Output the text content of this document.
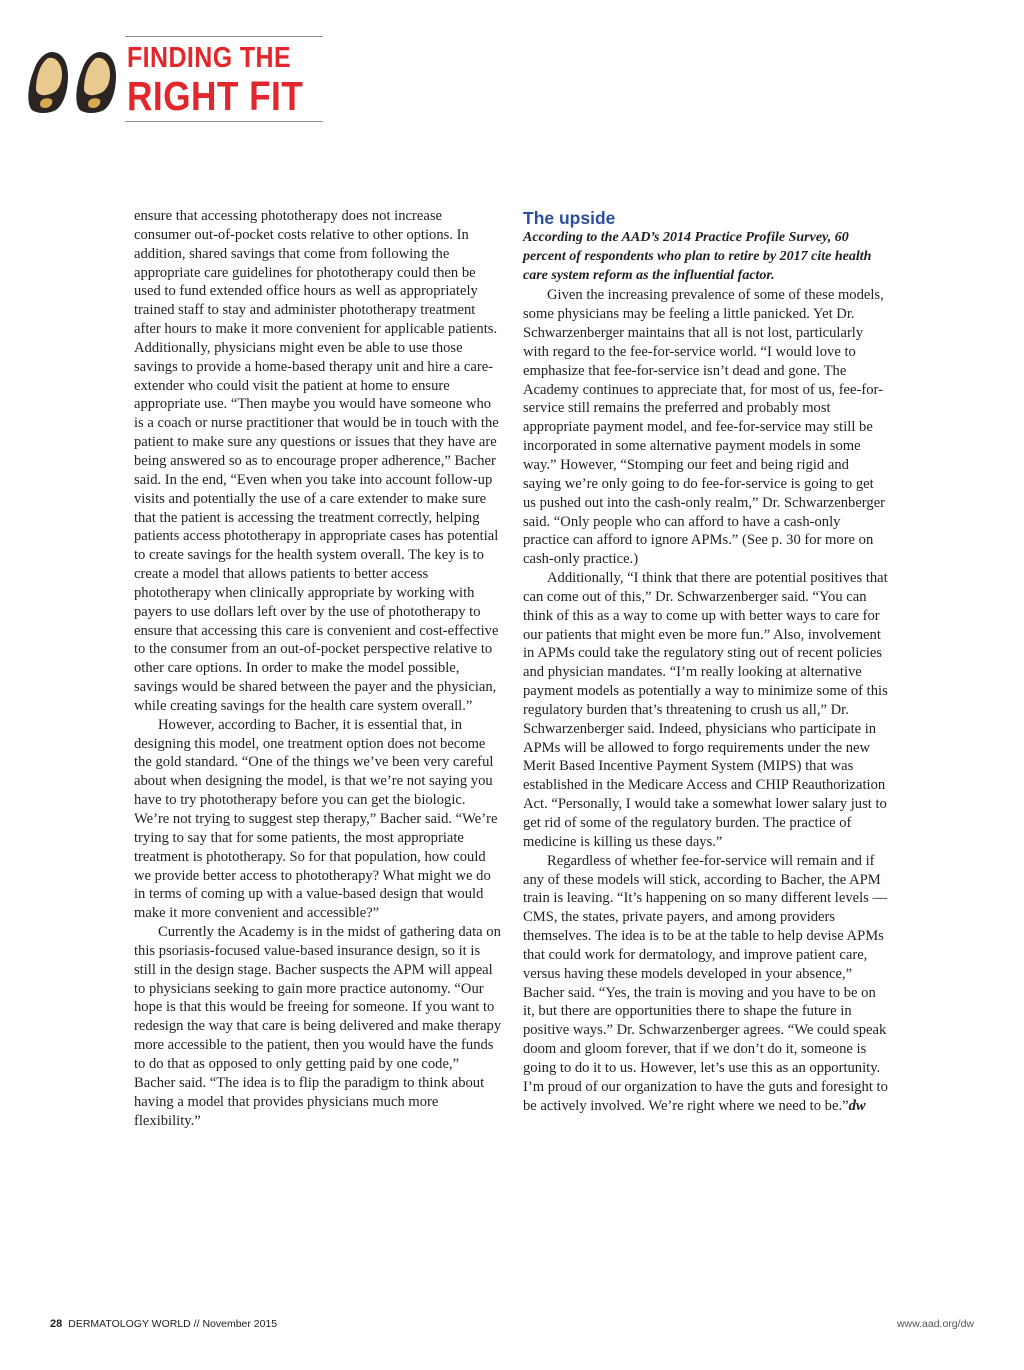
FINDING THE
RIGHT FIT

ensure that accessing phototherapy does not increase consumer out-of-pocket costs relative to other options. In addition, shared savings that come from following the appropriate care guidelines for phototherapy could then be used to fund extended office hours as well as appropriately trained staff to stay and administer phototherapy treatment after hours to make it more convenient for applicable patients. Additionally, physicians might even be able to use those savings to provide a home-based therapy unit and hire a care-extender who could visit the patient at home to ensure appropriate use. “Then maybe you would have someone who is a coach or nurse practitioner that would be in touch with the patient to make sure any questions or issues that they have are being answered so as to encourage proper adherence,” Bacher said. In the end, “Even when you take into account follow-up visits and potentially the use of a care extender to make sure that the patient is accessing the treatment correctly, helping patients access phototherapy in appropriate cases has potential to create savings for the health system overall. The key is to create a model that allows patients to better access phototherapy when clinically appropriate by working with payers to use dollars left over by the use of phototherapy to ensure that accessing this care is convenient and cost-effective to the consumer from an out-of-pocket perspective relative to other care options. In order to make the model possible, savings would be shared between the payer and the physician, while creating savings for the health care system overall.”

However, according to Bacher, it is essential that, in designing this model, one treatment option does not become the gold standard. “One of the things we’ve been very careful about when designing the model, is that we’re not saying you have to try phototherapy before you can get the biologic. We’re not trying to suggest step therapy,” Bacher said. “We’re trying to say that for some patients, the most appropriate treatment is phototherapy. So for that population, how could we provide better access to phototherapy? What might we do in terms of coming up with a value-based design that would make it more convenient and accessible?”

Currently the Academy is in the midst of gathering data on this psoriasis-focused value-based insurance design, so it is still in the design stage. Bacher suspects the APM will appeal to physicians seeking to gain more practice autonomy. “Our hope is that this would be freeing for someone. If you want to redesign the way that care is being delivered and make therapy more accessible to the patient, then you would have the funds to do that as opposed to only getting paid by one code,” Bacher said. “The idea is to flip the paradigm to think about having a model that provides physicians much more flexibility.”

The upside
According to the AAD’s 2014 Practice Profile Survey, 60 percent of respondents who plan to retire by 2017 cite health care system reform as the influential factor.

Given the increasing prevalence of some of these models, some physicians may be feeling a little panicked. Yet Dr. Schwarzenberger maintains that all is not lost, particularly with regard to the fee-for-service world. “I would love to emphasize that fee-for-service isn’t dead and gone. The Academy continues to appreciate that, for most of us, fee-for-service still remains the preferred and probably most appropriate payment model, and fee-for-service may still be incorporated in some alternative payment models in some way.” However, “Stomping our feet and being rigid and saying we’re only going to do fee-for-service is going to get us pushed out into the cash-only realm,” Dr. Schwarzenberger said. “Only people who can afford to have a cash-only practice can afford to ignore APMs.” (See p. 30 for more on cash-only practice.)

Additionally, “I think that there are potential positives that can come out of this,” Dr. Schwarzenberger said. “You can think of this as a way to come up with better ways to care for our patients that might even be more fun.” Also, involvement in APMs could take the regulatory sting out of recent policies and physician mandates. “I’m really looking at alternative payment models as potentially a way to minimize some of this regulatory burden that’s threatening to crush us all,” Dr. Schwarzenberger said. Indeed, physicians who participate in APMs will be allowed to forgo requirements under the new Merit Based Incentive Payment System (MIPS) that was established in the Medicare Access and CHIP Reauthorization Act. “Personally, I would take a somewhat lower salary just to get rid of some of the regulatory burden. The practice of medicine is killing us these days.”

Regardless of whether fee-for-service will remain and if any of these models will stick, according to Bacher, the APM train is leaving. “It’s happening on so many different levels — CMS, the states, private payers, and among providers themselves. The idea is to be at the table to help devise APMs that could work for dermatology, and improve patient care, versus having these models developed in your absence,” Bacher said. “Yes, the train is moving and you have to be on it, but there are opportunities there to shape the future in positive ways.” Dr. Schwarzenberger agrees. “We could speak doom and gloom forever, that if we don’t do it, someone is going to do it to us. However, let’s use this as an opportunity. I’m proud of our organization to have the guts and foresight to be actively involved. We’re right where we need to be.”dw

28 DERMATOLOGY WORLD // November 2015	www.aad.org/dw
